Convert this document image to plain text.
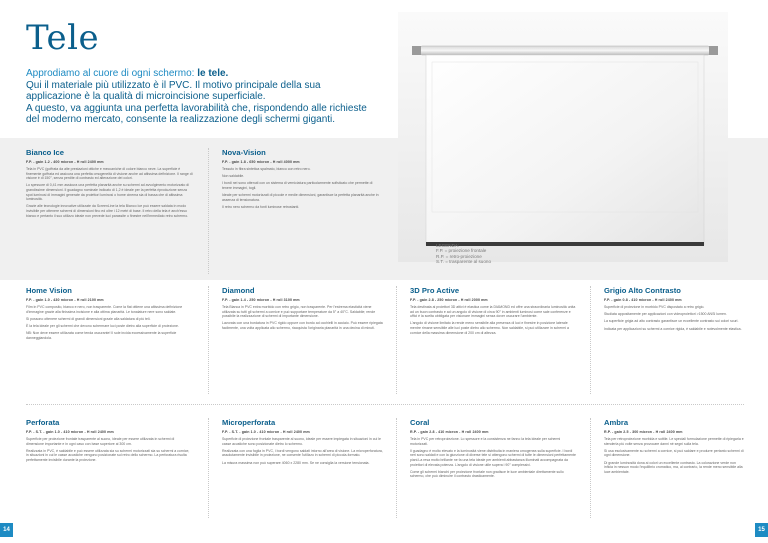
Tele
Approdiamo al cuore di ogni schermo: le tele.
Qui il materiale più utilizzato è il PVC. Il motivo principale della sua applicazione è la qualità di microincisione superficiale.
A questo, va aggiunta una perfetta lavorabilità che, rispondendo alle richieste del moderno mercato, consente la realizzazione degli schermi giganti.
LEGENDA:
F.P. = proiezione frontale
R.P. = retro-proiezione
S.T. = trasparente al suono
Bianco Ice
F.P. - gain 1.2 - 400 micron - H roll 2400 mm

Tela in PVC (goffrata da alte prestazioni ottiche e meccaniche di colore bianco neve. La superficie è finemente goffrata ed assicura una perfetta omogeneità di visione anche ad altissima definizione. Il range di visione è di 150°, senza perdite di contrasto ed alterazione dei colori.

Lo spessore di 0,41 mm assicura una perfetta planarità anche su schermi ad avvolgimento motorizzato di grandissime dimensioni. Il guadagno nominale indicato di 1,2 è ideale per la perfetta riproduzione senza spot luminosi di immagini generate da proiettori luminosi o home cinema sia di bassa che di altissima luminosità.

Grazie alle tecnologie innovative utilizzate da ScreenLine la tela Bianco Ice può essere saldata in modo invisibile per ottenere schermi di dimensioni fino ed oltre i 12 metri di base. Il retro della tela è anch'esso bianco e pertanto il suo utilizzo ideale non prevede luci parassite o finestre nell'immediato retro schermo.

Nova-Vision
F.P. - gain 1.8 - 650 micron - H roll 4000 mm

Tessuto in fibra sintetica spalmato, bianco con retro nero.

Non saldabile.

I bordi nei sono ottenuti con un sistema di verniciatura particolarmente sofisticato che permette di tenere immagini, togli.

Ideale per schermi motorizzati di piccole e medie dimensioni, garantisce la perfetta planarità anche in assenza di tensionatura.

Il retro nero schermo da fonti luminose retrostanti.

Home Vision
F.P. - gain 1.0 - 430 micron - H roll 2100 mm

Film in PVC composito, bianco e nero, non trasparente. Come la flat ottiene una altissima definizione d'immagine grazie alla finissima incisione e alla ottima planarità. Le tonalature nere sono saldate.

Si possono ottenere schermi di grandi dimensioni grazie alla saldatura di più teli.

È la tela ideale per gli schermi che devono schermare luci poste dietro alla superficie di proiezione.

NB: Non deve essere utilizzata come tenda oscurante! Il sole incida eccessivamente la superficie danneggiandola.

Diamond
F.P. - gain 1.4 - 250 micron - H roll 3100 mm

Tela Bianca in PVC extra morbido con retro grigio, non trasparente. Per l'estrema elasticità viene utilizzata su tutti gli schermi a cornice e può supportare temperature da 5° a 40°C. Saldabile; rende possibile la realizzazione di schermi di importante dimensione.

Lavorata con una bordatura in PVC rigido oppure con bordo ad occhielli in acciaio. Può essere ripiegata facilmente, una volta applicata allo schermo, riacquista l'originaria planarità in una decina di minuti.

3D Pro Active
F.P. - gain 2.8 - 250 micron - H roll 2000 mm

Tela destinata ai proiettori 3D attivi è elastica come la DIAMOND ed offre una straordinaria luminosità unita ad un buon contrasto e ad un angolo di visione di circa 90° in ambienti luminosi come sale conferenze e uffici è la scelta obbligata per visionare immagini senza dover oscurare l'ambiente.

L'angolo di visione limitato la rende meno sensibile alla presenza di luci e finestre in posizione laterale mentre rimane sensibile alle luci poste dietro allo schermo. Non saldabile, si può utilizzare in schermi a cornice della massima dimensione di 200 cm di altezza.

Grigio Alto Contrasto
F.P. - gain 0.8 - 410 micron - H roll 2400 mm

Superficie di proiezione in morbido PVC dispostato a retro grigio.

Studiata appositamente per applicazioni con videoproiettori >1500 ANSI lumen.

La superficie grigia ad alto contrasto garantisce un eccellente contrasto sui colori scuri.

Indicata per applicazioni su schermi a cornice rigida, è saldabile e notevolmente elastica.

Perforata
F.P. - S.T. - gain 1.0 - 410 micron - H roll 2400 mm

Superficie per proiezione frontale trasparente al suono, ideale per essere utilizzata in schermi di dimensione importante e in ogni caso con base superiore ai 300 cm.

Realizzata in PVC, è saldabile e può essere utilizzata sia su schermi motorizzati sia su schermi a cornice, in situazioni in cui le casse acustiche vengono posizionate sul retro dello schermo. La perforatura risulta perfettamente invisibile durante la proiezione.

Microperforata
F.P. - S.T. - gain 1.0 - 410 micron - H roll 2400 mm

Superficie di proiezione frontale trasparente al suono, ideale per essere impiegata in situazioni in cui le casse acustiche sono posizionate dietro lo schermo.

Realizzata con una foglia in PVC, i bordi vengono saldati intorno all'area di visione. La microperforatura, assolutamente invisibile in proiezione, ne consente l'utilizzo in schermi di piccola-formato.

La misura massima non può superare 4060 x 2280 mm. Se ne consiglia la versione tensionata.

Coral
R.P. - gain 2.8 - 410 micron - H roll 2400 mm

Tela in PVC per retroproiezione. Lo spessore e la consistenza ne fanno la tela ideale per schermi motorizzati.

Il guadagno è molto elevato e la luminosità viene distribuita in maniera omogenea sulla superficie. I bordi neri sono saldati e con la giunzione di diverse tele si ottengono schermi di tutte le dimensioni perfettamente piani.La resa molto brillante ne fa una tela ideale per ambienti abbastanza illuminati accompagnata da proiettori di elevata potenza. L'angolo di visione utile supera i 90° complessivi.

Come gli schermi bianchi per proiezione frontale non gradisce le luce ambientale direttamente sullo schermo, che può diminuire il contrasto drasticamente.

Ambra
R.P. - gain 2.5 - 300 micron - H roll 2400 mm

Tela per retroproiezione morbida e sottile. Le speciali formulazione permette di ripiegarla e stenderla più volte senza provocare danni né segni sulla tela.

Si usa esclusivamente su schermi a cornice, si può saldare e produrre pertanto schermi di ogni dimensione.

Di grande luminosità dona ai colori un eccellente contrasto. La colorazione verde non inficia in nessun modo l'equilibrio cromatico, ma, al contrario, la rende meno sensibile alla luce ambientale.

14	15
